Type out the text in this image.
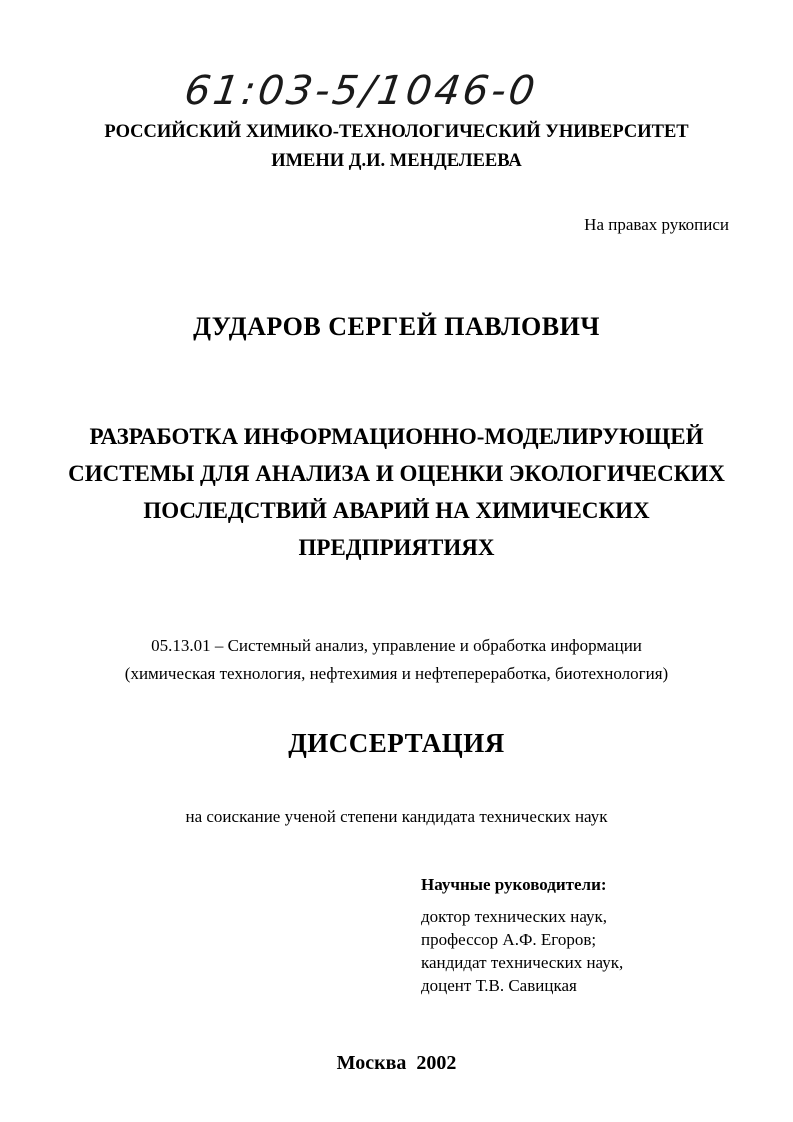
61:03-5/1046-0
РОССИЙСКИЙ ХИМИКО-ТЕХНОЛОГИЧЕСКИЙ УНИВЕРСИТЕТ
ИМЕНИ Д.И. МЕНДЕЛЕЕВА
На правах рукописи
ДУДАРОВ СЕРГЕЙ ПАВЛОВИЧ
РАЗРАБОТКА ИНФОРМАЦИОННО-МОДЕЛИРУЮЩЕЙ
СИСТЕМЫ ДЛЯ АНАЛИЗА И ОЦЕНКИ ЭКОЛОГИЧЕСКИХ
ПОСЛЕДСТВИЙ АВАРИЙ НА ХИМИЧЕСКИХ
ПРЕДПРИЯТИЯХ
05.13.01 – Системный анализ, управление и обработка информации
(химическая технология, нефтехимия и нефтепереработка, биотехнология)
ДИССЕРТАЦИЯ
на соискание ученой степени кандидата технических наук
Научные руководители:
доктор технических наук,
профессор А.Ф. Егоров;
кандидат технических наук,
доцент Т.В. Савицкая
Москва  2002
